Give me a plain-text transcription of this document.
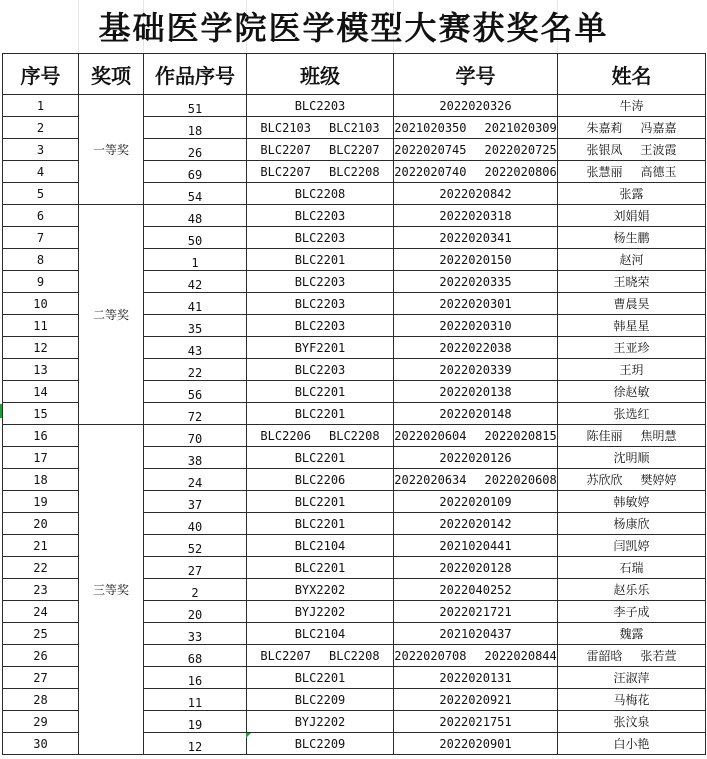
基础医学院医学模型大赛获奖名单
序号	奖项	作品序号	班级	学号	姓名
1	一等奖	51	BLC2203	2022020326	牛涛
2		18	BLC2103 BLC2103	2021020350 2021020309	朱嘉莉 冯嘉嘉
3		26	BLC2207 BLC2207	2022020745 2022020725	张银凤 王波霞
4		69	BLC2207 BLC2208	2022020740 2022020806	张慧丽 高德玉
5		54	BLC2208	2022020842	张露
6	二等奖	48	BLC2203	2022020318	刘娟娟
7		50	BLC2203	2022020341	杨生鹏
8		1	BLC2201	2022020150	赵河
9		42	BLC2203	2022020335	王晓荣
10		41	BLC2203	2022020301	曹晨昊
11		35	BLC2203	2022020310	韩星星
12		43	BYF2201	2022022038	王亚珍
13		22	BLC2203	2022020339	王玥
14		56	BLC2201	2022020138	徐赵敏
15		72	BLC2201	2022020148	张选红
16	三等奖	70	BLC2206 BLC2208	2022020604 2022020815	陈佳丽 焦明慧
17		38	BLC2201	2022020126	沈明顺
18		24	BLC2206	2022020634 2022020608	苏欣欣 樊婷婷
19		37	BLC2201	2022020109	韩敏婷
20		40	BLC2201	2022020142	杨康欣
21		52	BLC2104	2021020441	闫凯婷
22		27	BLC2201	2022020128	石瑞
23		2	BYX2202	2022040252	赵乐乐
24		20	BYJ2202	2022021721	李子成
25		33	BLC2104	2021020437	魏露
26		68	BLC2207 BLC2208	2022020708 2022020844	雷韶晗 张若萱
27		16	BLC2201	2022020131	汪淑萍
28		11	BLC2209	2022020921	马梅花
29		19	BYJ2202	2022021751	张汶泉
30		12	BLC2209	2022020901	白小艳
